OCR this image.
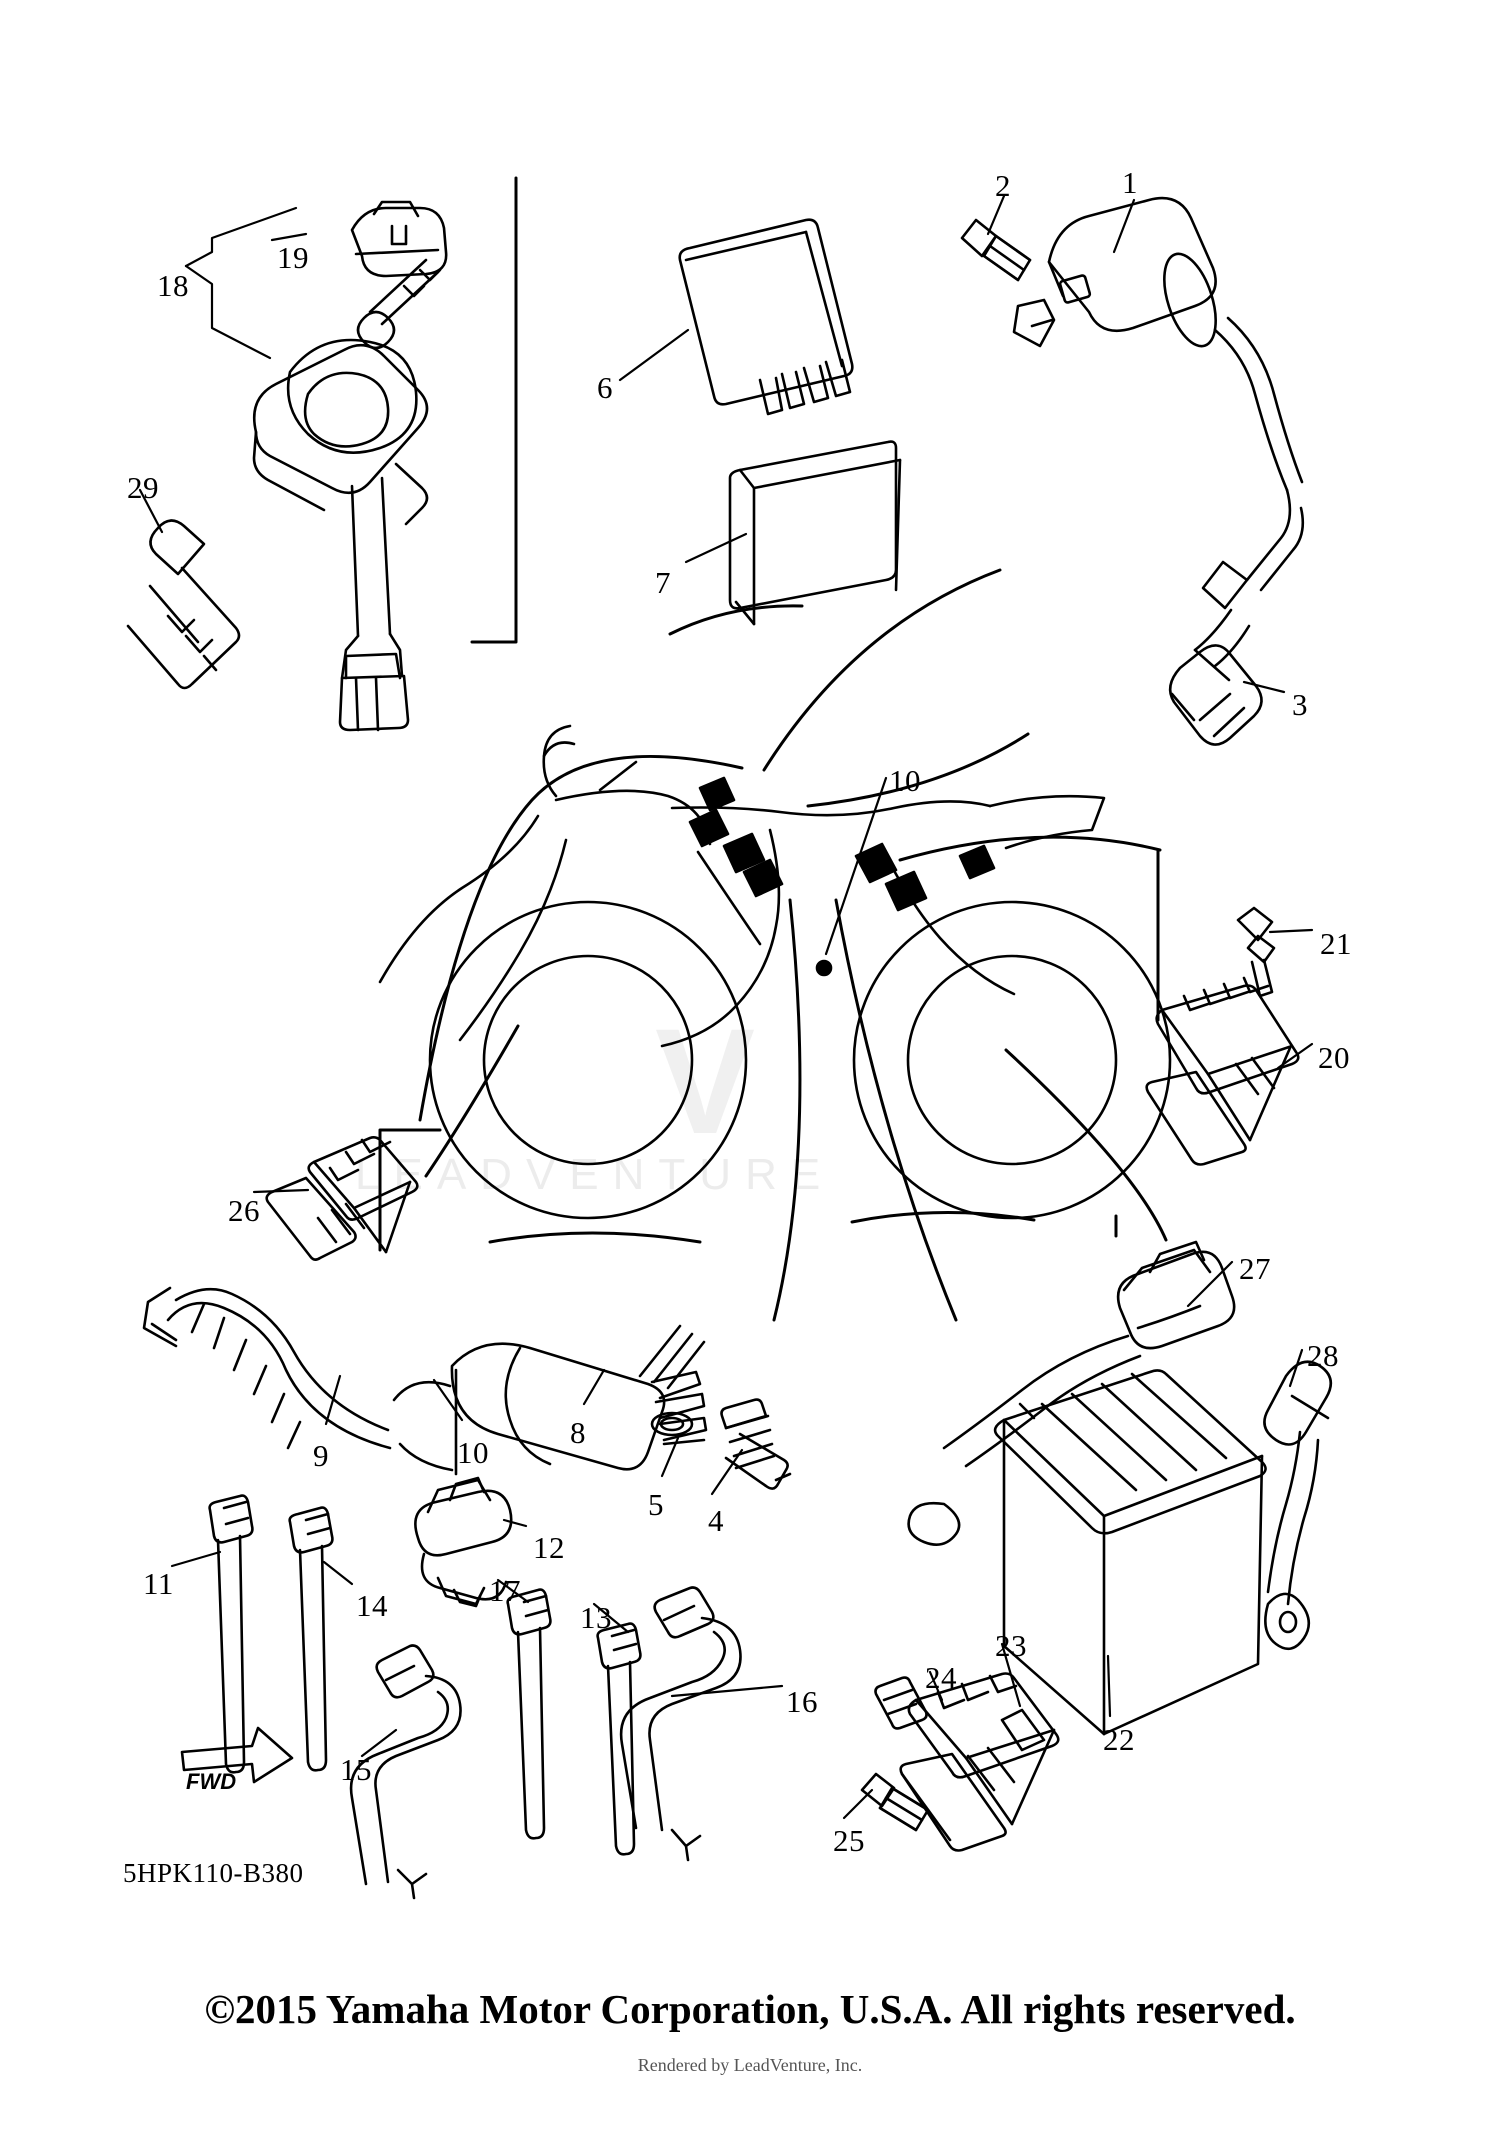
V
LEADVENTURE
1
2
3
4
5
6
7
8
9
10
10
11
12
13
14
15
16
17
18
19
20
21
22
23
24
25
26
27
28
29
FWD
5HPK110-B380
©2015 Yamaha Motor Corporation, U.S.A. All rights reserved.
Rendered by LeadVenture, Inc.
